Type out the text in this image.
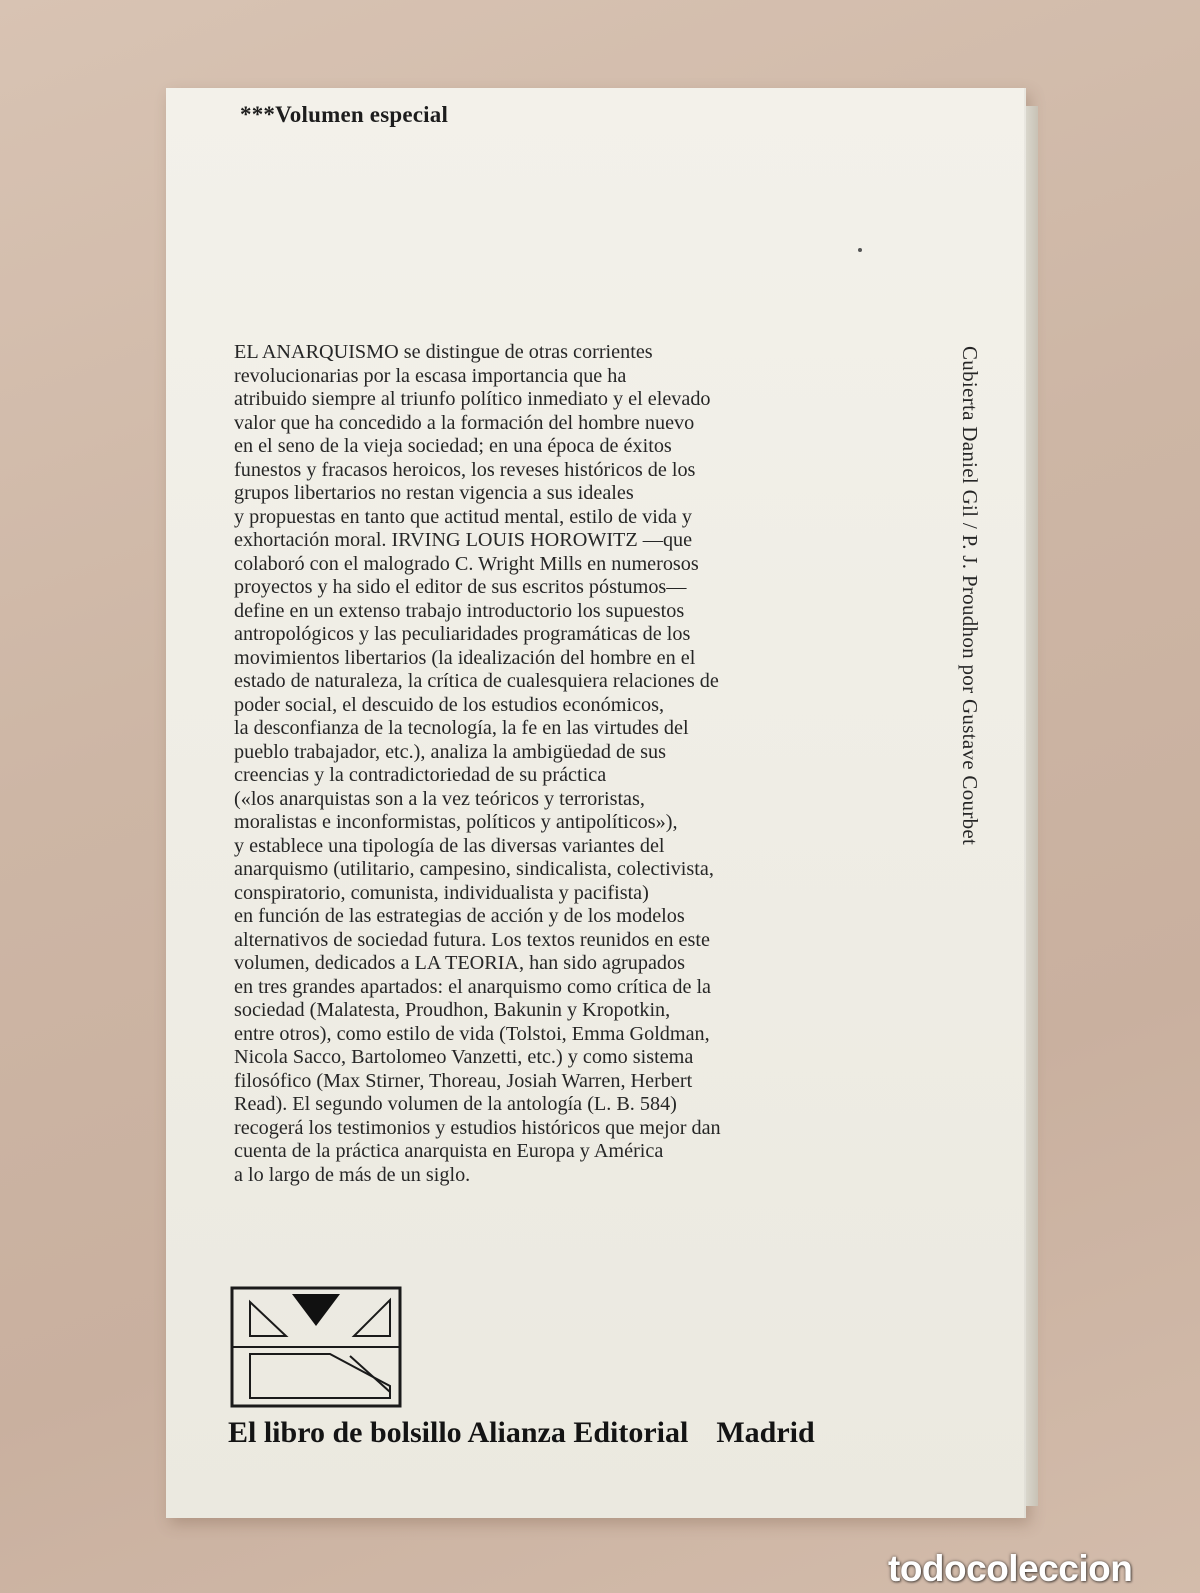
***Volumen especial
EL ANARQUISMO se distingue de otras corrientes
revolucionarias por la escasa importancia que ha
atribuido siempre al triunfo político inmediato y el elevado
valor que ha concedido a la formación del hombre nuevo
en el seno de la vieja sociedad; en una época de éxitos
funestos y fracasos heroicos, los reveses históricos de los
grupos libertarios no restan vigencia a sus ideales
y propuestas en tanto que actitud mental, estilo de vida y
exhortación moral. IRVING LOUIS HOROWITZ —que
colaboró con el malogrado C. Wright Mills en numerosos
proyectos y ha sido el editor de sus escritos póstumos—
define en un extenso trabajo introductorio los supuestos
antropológicos y las peculiaridades programáticas de los
movimientos libertarios (la idealización del hombre en el
estado de naturaleza, la crítica de cualesquiera relaciones de
poder social, el descuido de los estudios económicos,
la desconfianza de la tecnología, la fe en las virtudes del
pueblo trabajador, etc.), analiza la ambigüedad de sus
creencias y la contradictoriedad de su práctica
(«los anarquistas son a la vez teóricos y terroristas,
moralistas e inconformistas, políticos y antipolíticos»),
y establece una tipología de las diversas variantes del
anarquismo (utilitario, campesino, sindicalista, colectivista,
conspiratorio, comunista, individualista y pacifista)
en función de las estrategias de acción y de los modelos
alternativos de sociedad futura. Los textos reunidos en este
volumen, dedicados a LA TEORIA, han sido agrupados
en tres grandes apartados: el anarquismo como crítica de la
sociedad (Malatesta, Proudhon, Bakunin y Kropotkin,
entre otros), como estilo de vida (Tolstoi, Emma Goldman,
Nicola Sacco, Bartolomeo Vanzetti, etc.) y como sistema
filosófico (Max Stirner, Thoreau, Josiah Warren, Herbert
Read). El segundo volumen de la antología (L. B. 584)
recogerá los testimonios y estudios históricos que mejor dan
cuenta de la práctica anarquista en Europa y América
a lo largo de más de un siglo.
Cubierta Daniel Gil / P. J. Proudhon por Gustave Courbet
El libro de bolsillo Alianza Editorial Madrid
todocoleccion
